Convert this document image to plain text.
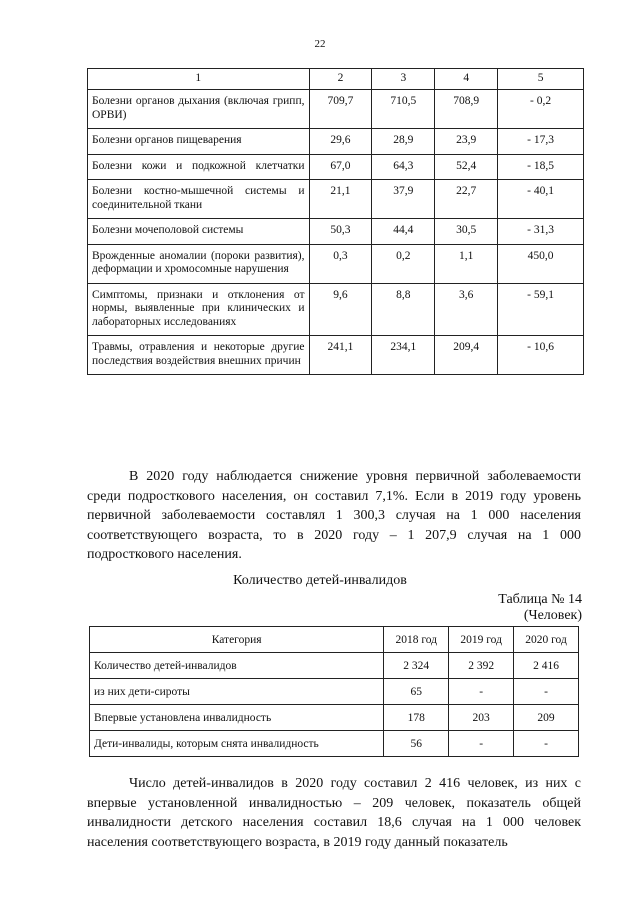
22
1	2	3	4	5
Болезни органов дыхания (включая грипп, ОРВИ)	709,7	710,5	708,9	- 0,2
Болезни органов пищеварения	29,6	28,9	23,9	- 17,3
Болезни кожи и подкожной клетчатки	67,0	64,3	52,4	- 18,5
Болезни костно-мышечной системы и соединительной ткани	21,1	37,9	22,7	- 40,1
Болезни мочеполовой системы	50,3	44,4	30,5	- 31,3
Врожденные аномалии (пороки развития), деформации и хромосомные нарушения	0,3	0,2	1,1	450,0
Симптомы, признаки и отклонения от нормы, выявленные при клинических и лабораторных исследованиях	9,6	8,8	3,6	- 59,1
Травмы, отравления и некоторые другие последствия воздействия внешних причин	241,1	234,1	209,4	- 10,6
В 2020 году наблюдается снижение уровня первичной заболеваемости среди подросткового населения, он составил 7,1%. Если в 2019 году уровень первичной заболеваемости составлял 1 300,3 случая на 1 000 населения соответствующего возраста, то в 2020 году – 1 207,9 случая на 1 000 подросткового населения.
Количество детей-инвалидов
Таблица № 14
(Человек)
Категория	2018 год	2019 год	2020 год
Количество детей-инвалидов	2 324	2 392	2 416
из них дети-сироты	65	-	-
Впервые установлена инвалидность	178	203	209
Дети-инвалиды, которым снята инвалидность	56	-	-
Число детей-инвалидов в 2020 году составил 2 416 человек, из них с впервые установленной инвалидностью – 209 человек, показатель общей инвалидности детского населения составил 18,6 случая на 1 000 человек населения соответствующего возраста, в 2019 году данный показатель
